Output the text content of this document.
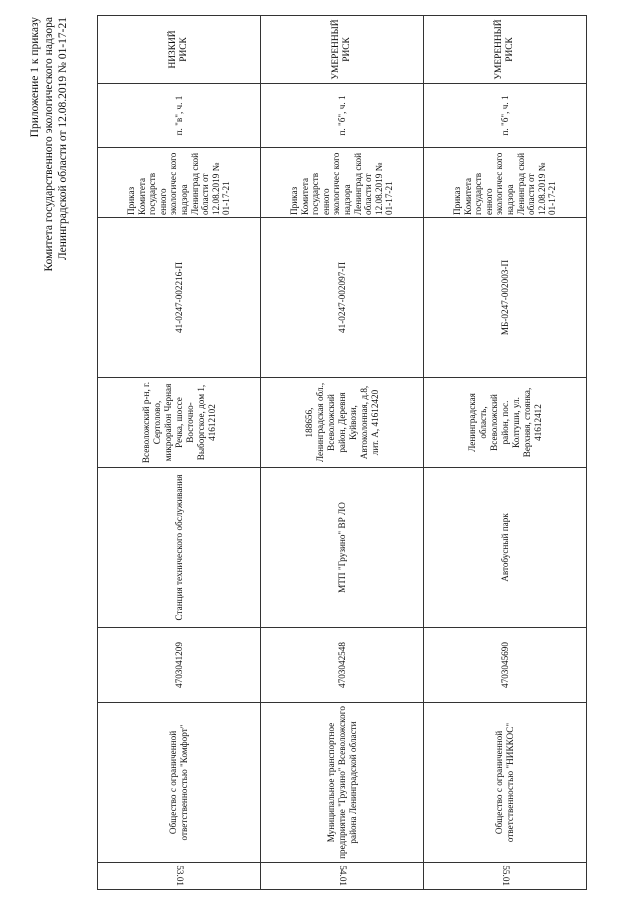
Приложение 1 к приказу Комитета государственного экологического надзора Ленинградской области от 12.08.2019 № 01-17-21
53.01	Общество с ограниченной ответственностью "Комфорт"	4703041209	Станция технического обслуживания	Всеволожский р-н, г. Сертолово, микрорайон Черная Речка, шоссе Восточно-Выборгское, дом 1, 41612102	41-0247-002216-П	Приказ Комитета государств енного экологичес кого надзора Ленинград ской области от 12.08.2019 № 01-17-21	п. "в", ч. 1	НИЗКИЙ РИСК
54.01	Муниципальное транспортное предприятие "Грузино" Всеволожского района Ленинградской области	4703042548	МТП "Грузино" ВР ЛО	188656, Ленинградская обл., Всеволожский район, Деревня Куйвози, Автоколонная, д.8, лит. А, 41612420	41-0247-002097-П	Приказ Комитета государств енного экологичес кого надзора Ленинград ской области от 12.08.2019 № 01-17-21	п. "б", ч. 1	УМЕРЕННЫЙ РИСК
55.01	Общество с ограниченной ответственностью "НИККОС"	4703045690	Автобусный парк	Ленинградская область, Всеволожский район, пос. Колтуши, ул. Верхняя, стоянка, 41612412	МБ-0247-002003-П	Приказ Комитета государств енного экологичес кого надзора Ленинград ской области от 12.08.2019 № 01-17-21	п. "б", ч. 1	УМЕРЕННЫЙ РИСК
